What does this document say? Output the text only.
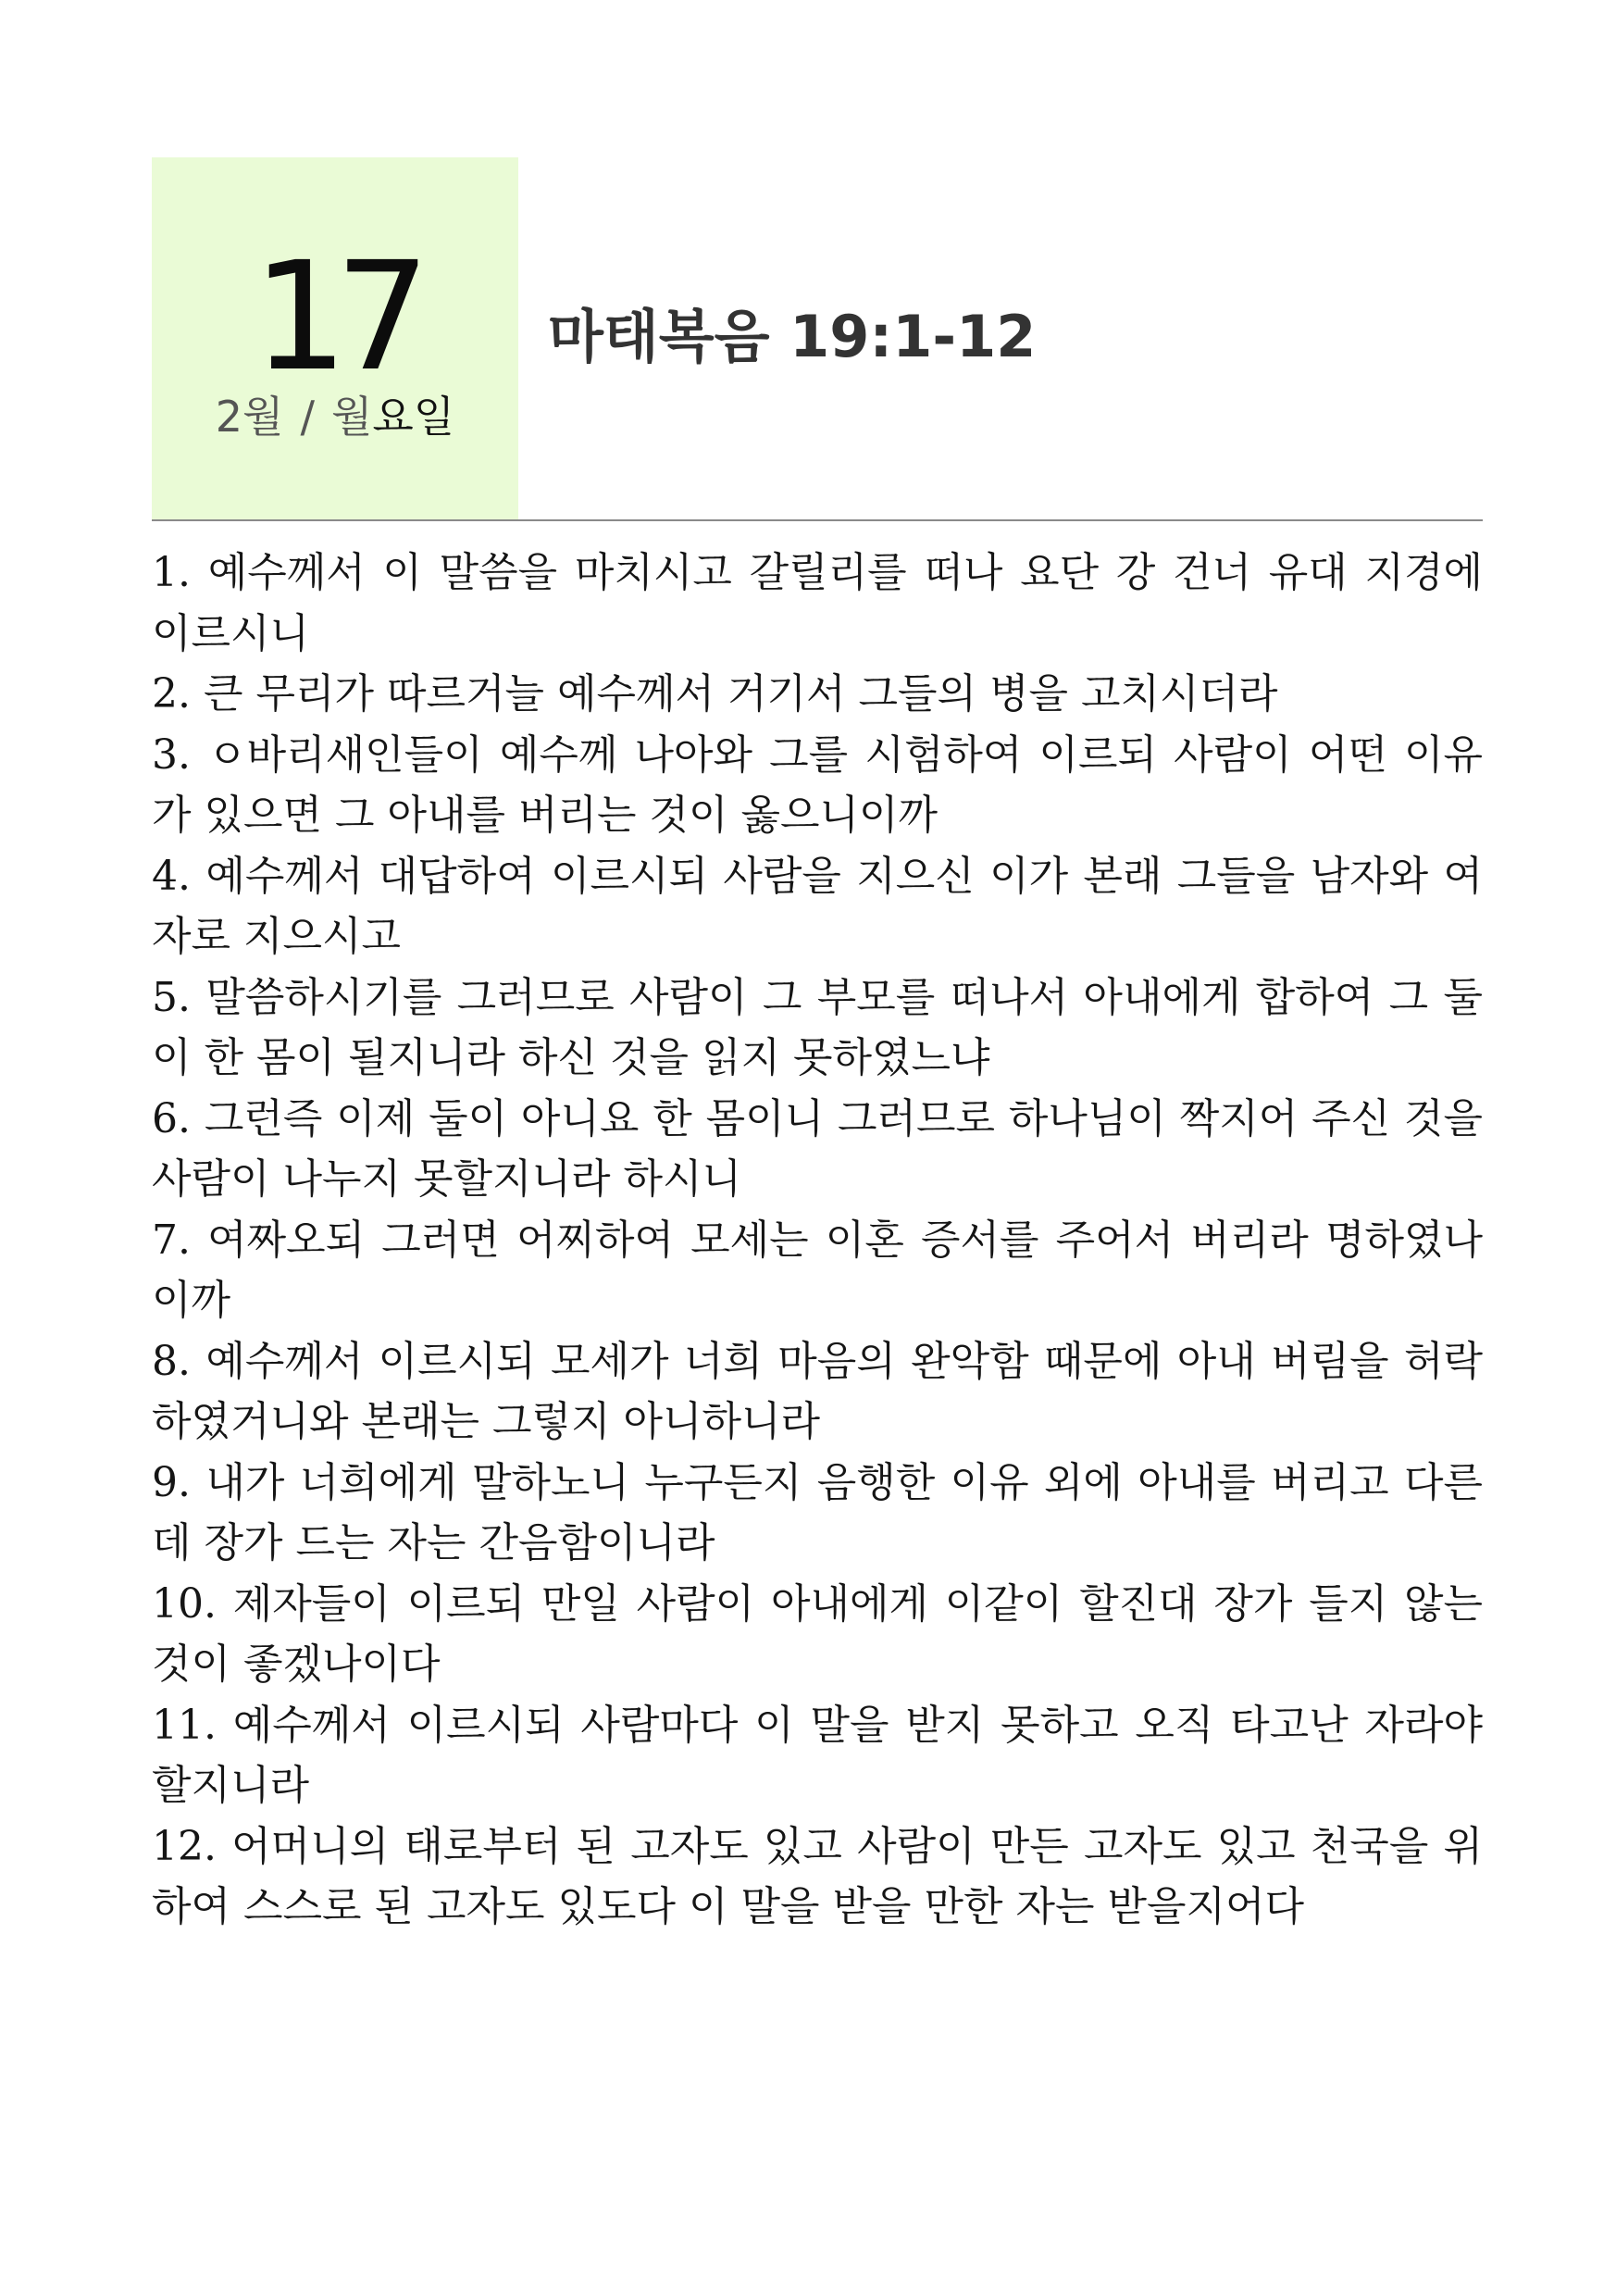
17
2월 / 월요일
마태복음 19:1-12
1. 예수께서 이 말씀을 마치시고 갈릴리를 떠나 요단 강 건너 유대 지경에 이르시니
2. 큰 무리가 따르거늘 예수께서 거기서 그들의 병을 고치시더라
3. ㅇ바리새인들이 예수께 나아와 그를 시험하여 이르되 사람이 어떤 이유가 있으면 그 아내를 버리는 것이 옳으니이까
4. 예수께서 대답하여 이르시되 사람을 지으신 이가 본래 그들을 남자와 여자로 지으시고
5. 말씀하시기를 그러므로 사람이 그 부모를 떠나서 아내에게 합하여 그 둘이 한 몸이 될지니라 하신 것을 읽지 못하였느냐
6. 그런즉 이제 둘이 아니요 한 몸이니 그러므로 하나님이 짝지어 주신 것을 사람이 나누지 못할지니라 하시니
7. 여짜오되 그러면 어찌하여 모세는 이혼 증서를 주어서 버리라 명하였나이까
8. 예수께서 이르시되 모세가 너희 마음의 완악함 때문에 아내 버림을 허락하였거니와 본래는 그렇지 아니하니라
9. 내가 너희에게 말하노니 누구든지 음행한 이유 외에 아내를 버리고 다른 데 장가 드는 자는 간음함이니라
10. 제자들이 이르되 만일 사람이 아내에게 이같이 할진대 장가 들지 않는 것이 좋겠나이다
11. 예수께서 이르시되 사람마다 이 말을 받지 못하고 오직 타고난 자라야 할지니라
12. 어머니의 태로부터 된 고자도 있고 사람이 만든 고자도 있고 천국을 위하여 스스로 된 고자도 있도다 이 말을 받을 만한 자는 받을지어다
